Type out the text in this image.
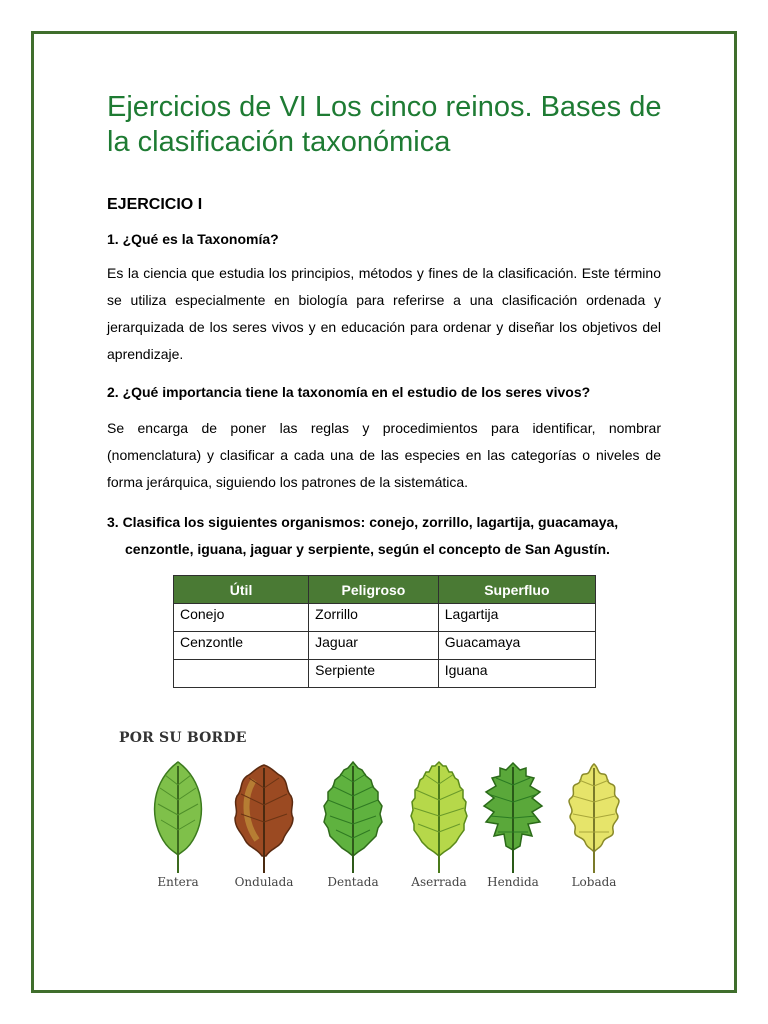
Ejercicios de VI Los cinco reinos. Bases de la clasificación taxonómica
EJERCICIO I

1. ¿Qué es la Taxonomía?

Es la ciencia que estudia los principios, métodos y fines de la clasificación. Este término se utiliza especialmente en biología para referirse a una clasificación ordenada y jerarquizada de los seres vivos y en educación para ordenar y diseñar los objetivos del aprendizaje.

2. ¿Qué importancia tiene la taxonomía en el estudio de los seres vivos?

Se encarga de poner las reglas y procedimientos para identificar, nombrar (nomenclatura) y clasificar a cada una de las especies en las categorías o niveles de forma jerárquica, siguiendo los patrones de la sistemática.

3. Clasifica los siguientes organismos: conejo, zorrillo, lagartija, guacamaya,
cenzontle, iguana, jaguar y serpiente, según el concepto de San Agustín.

Útil	Peligroso	Superfluo
Conejo	Zorrillo	Lagartija
Cenzontle	Jaguar	Guacamaya
	Serpiente	Iguana
POR SU BORDE
Entera	Ondulada	Dentada	Aserrada	Hendida	Lobada
